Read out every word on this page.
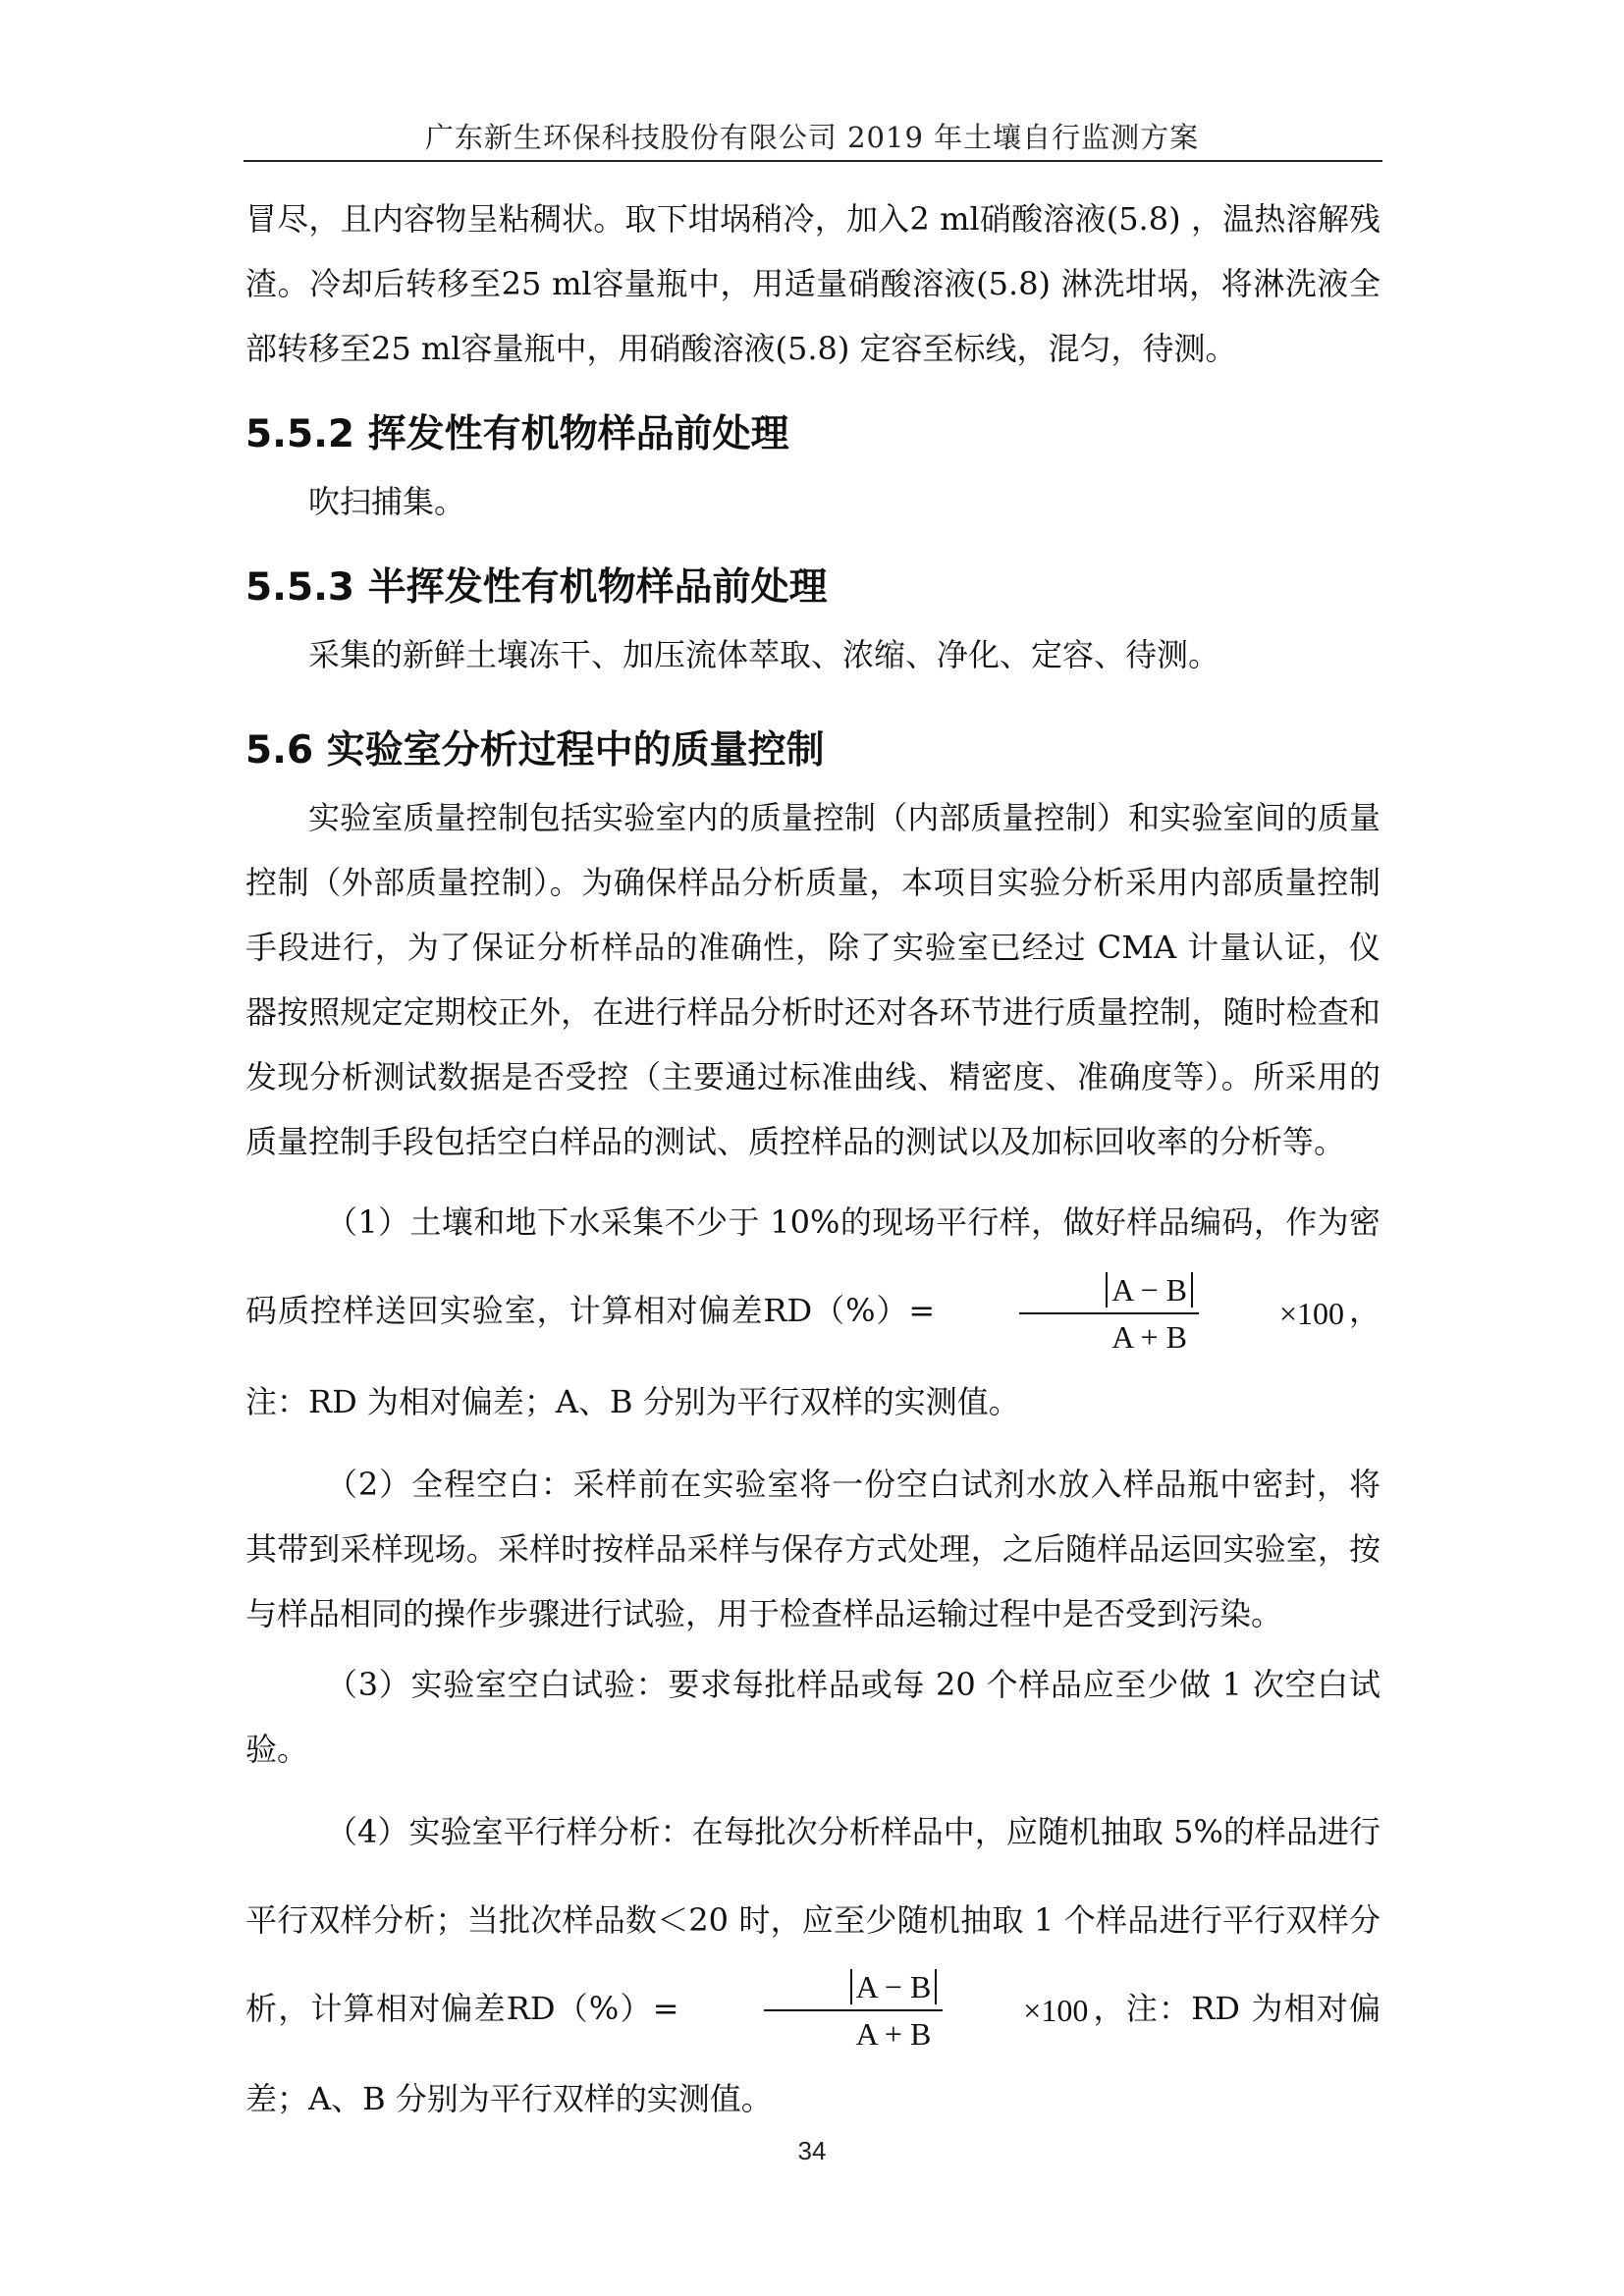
广东新生环保科技股份有限公司 2019 年土壤自行监测方案

冒尽，且内容物呈粘稠状。取下坩埚稍冷，加入2 ml硝酸溶液(5.8) ，温热溶解残渣。冷却后转移至25 ml容量瓶中，用适量硝酸溶液(5.8) 淋洗坩埚，将淋洗液全部转移至25 ml容量瓶中，用硝酸溶液(5.8) 定容至标线，混匀，待测。

5.5.2 挥发性有机物样品前处理

吹扫捕集。

5.5.3 半挥发性有机物样品前处理

采集的新鲜土壤冻干、加压流体萃取、浓缩、净化、定容、待测。

5.6 实验室分析过程中的质量控制

实验室质量控制包括实验室内的质量控制（内部质量控制）和实验室间的质量控制（外部质量控制）。为确保样品分析质量，本项目实验分析采用内部质量控制手段进行，为了保证分析样品的准确性，除了实验室已经过 CMA 计量认证，仪器按照规定定期校正外，在进行样品分析时还对各环节进行质量控制，随时检查和发现分析测试数据是否受控（主要通过标准曲线、精密度、准确度等）。所采用的质量控制手段包括空白样品的测试、质控样品的测试以及加标回收率的分析等。

（1）土壤和地下水采集不少于 10%的现场平行样，做好样品编码，作为密码质控样送回实验室，计算相对偏差RD（%）=	$\frac{A - B}{A + B}$	×100 ，注：RD 为相对偏差；A、B 分别为平行双样的实测值。

（2）全程空白：采样前在实验室将一份空白试剂水放入样品瓶中密封，将其带到采样现场。采样时按样品采样与保存方式处理，之后随样品运回实验室，按与样品相同的操作步骤进行试验，用于检查样品运输过程中是否受到污染。

（3）实验室空白试验：要求每批样品或每 20 个样品应至少做 1 次空白试验。

（4）实验室平行样分析：在每批次分析样品中，应随机抽取 5%的样品进行平行双样分析；当批次样品数＜20 时，应至少随机抽取 1 个样品进行平行双样分析，计算相对偏差RD（%）=	$\frac{A - B}{A + B}$	×100 ，注：RD 为相对偏差；A、B 分别为平行双样的实测值。

34
